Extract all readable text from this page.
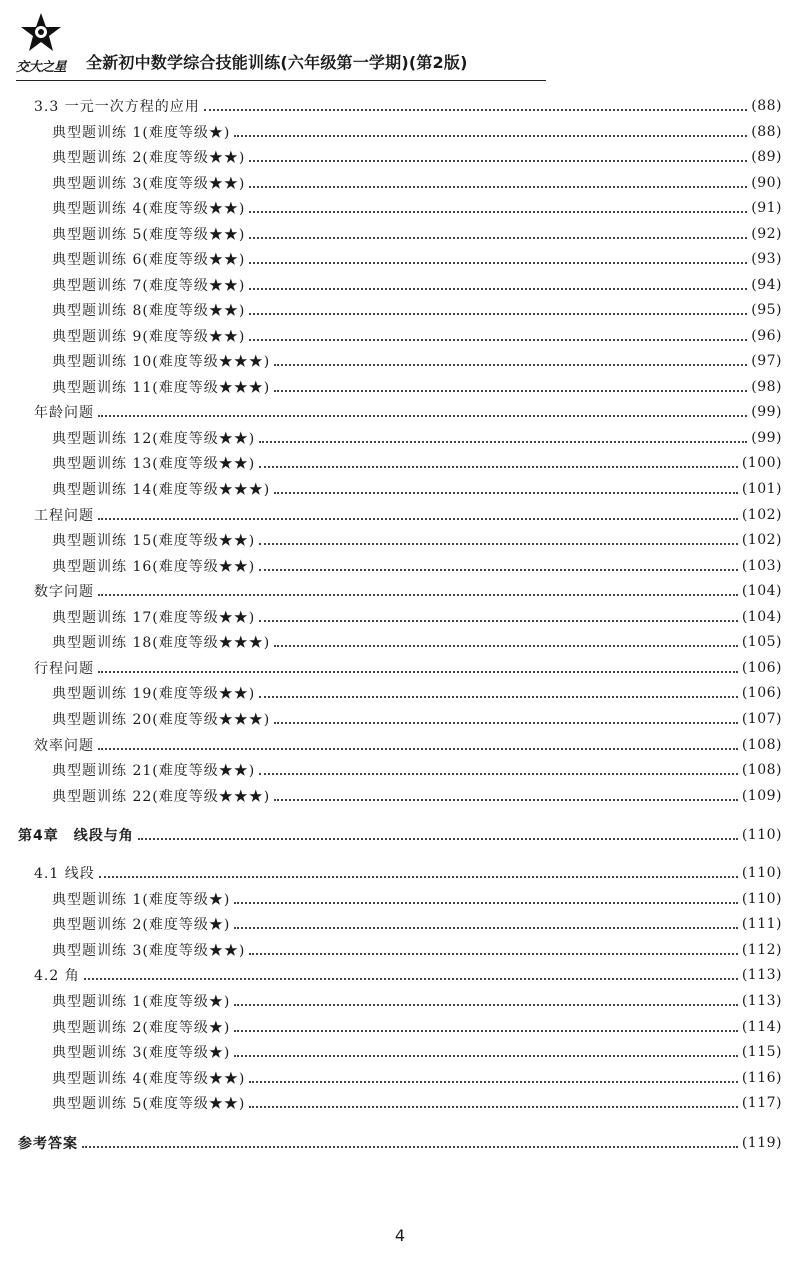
交大之星	全新初中数学综合技能训练(六年级第一学期)(第2版)
3.3 一元一次方程的应用	(88)
典型题训练 1(难度等级★)	(88)
典型题训练 2(难度等级★★)	(89)
典型题训练 3(难度等级★★)	(90)
典型题训练 4(难度等级★★)	(91)
典型题训练 5(难度等级★★)	(92)
典型题训练 6(难度等级★★)	(93)
典型题训练 7(难度等级★★)	(94)
典型题训练 8(难度等级★★)	(95)
典型题训练 9(难度等级★★)	(96)
典型题训练 10(难度等级★★★)	(97)
典型题训练 11(难度等级★★★)	(98)
年龄问题	(99)
典型题训练 12(难度等级★★)	(99)
典型题训练 13(难度等级★★)	(100)
典型题训练 14(难度等级★★★)	(101)
工程问题	(102)
典型题训练 15(难度等级★★)	(102)
典型题训练 16(难度等级★★)	(103)
数字问题	(104)
典型题训练 17(难度等级★★)	(104)
典型题训练 18(难度等级★★★)	(105)
行程问题	(106)
典型题训练 19(难度等级★★)	(106)
典型题训练 20(难度等级★★★)	(107)
效率问题	(108)
典型题训练 21(难度等级★★)	(108)
典型题训练 22(难度等级★★★)	(109)
第4章　线段与角	(110)
4.1 线段	(110)
典型题训练 1(难度等级★)	(110)
典型题训练 2(难度等级★)	(111)
典型题训练 3(难度等级★★)	(112)
4.2 角	(113)
典型题训练 1(难度等级★)	(113)
典型题训练 2(难度等级★)	(114)
典型题训练 3(难度等级★)	(115)
典型题训练 4(难度等级★★)	(116)
典型题训练 5(难度等级★★)	(117)
参考答案	(119)
4
